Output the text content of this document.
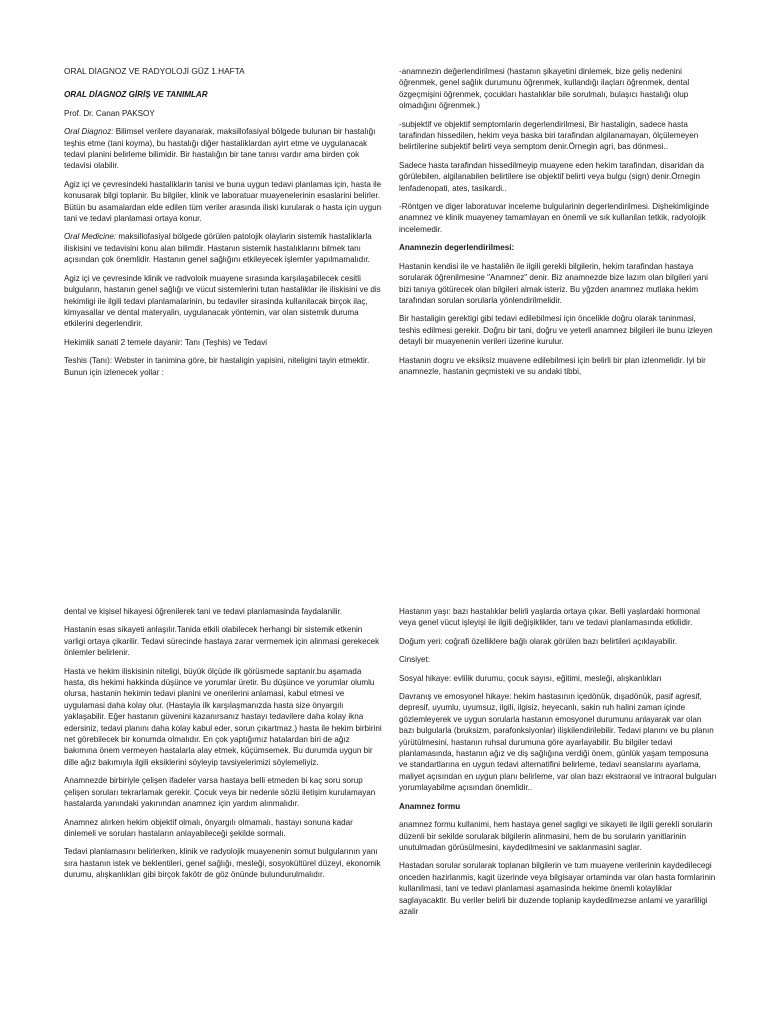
ORAL DİAGNOZ VE RADYOLOJİ GÜZ 1.HAFTA

ORAL DİAGNOZ GİRİŞ VE TANIMLAR

Prof. Dr. Canan PAKSOY

Oral Diagnoz: Bilimsel verilere dayanarak, maksillofasiyal bölgede bulunan bir hastalığı teşhis etme (tani koyma), bu hastalığı diğer hastaliklardan ayirt etme ve uygulanacak tedavi planini belirleme bilimidir. Bir hastalığın bir tane tanısı vardır ama birden çok tedavisi olabilir.

Agiz içi ve çevresindeki hastaliklarin tanisi ve buna uygun tedavi planlamas için, hasta ile konusarak bilgi toplanir. Bu bilgiler, klinik ve laboratuar muayenelerinin esaslarini belirler. Bütün bu asamalardan elde edilen tüm veriler arasında iliski kurularak o hasta için uygun tani ve tedavi planlamasi ortaya konur.

Oral Medicine: maksillofasiyal bölgede görülen patolojik olaylarin sistemik hastaliklarla iliskisini ve tedavisini konu alan bilimdir. Hastanın sistemik hastalıklarını bilmek tanı açısından çok önemlidir. Hastanın genel sağlığını etkileyecek işlemler yapılmamalıdır.

Agiz içi ve çevresinde klinik ve radvoloik muayene sırasında karşılaşabilecek cesitli bulguların, hastanın genel sağlığı ve vücut sistemlerini tutan hastaliklar ile iliskisini ve dis hekimligi ile ilgili tedavi planlamalarinin, bu tedaviler sirasinda kullanilacak birçok ilaç, kimyasallar ve dental materyalin, uygulanacak yöntemin, var olan sistemik duruma etkilerini degerlendirir.

Hekimlik sanati 2 temele dayanir: Tanı (Teşhis) ve Tedavi

Teshis (Tanı): Webster in tanimina göre, bir hastaligin yapisini, niteligini tayin etmektir. Bunun için izlenecek yollar :

-anamnezin değerlendirilmesi (hastanın şikayetini dinlemek, bize geliş nedenini öğrenmek, genel sağlık durumunu öğrenmek, kullandığı ilaçları öğrenmek, dental özgeçmişini öğrenmek, çocukları hastalıklar bile sorulmalı, bulaşıcı hastalığı olup olmadığını öğrenmek.)

-subjektif ve objektif semptomlarin degerlendirilmesi, Bir hastaligin, sadece hasta tarafindan hissedilen, hekim veya baska biri tarafindan algilanamayan, ölçülemeyen belirtilerine subjektif belirti veya semptom denir.Örnegin agri, bas dönmesi..

Sadece hasta tarafindan hissedilmeyip muayene eden hekim tarafindan, disaridan da görülebilen, algilanabilen belirtilere ise objektif belirti veya bulgu (sign) denir.Örnegin lenfadenopati, ates, tasikardi..

-Röntgen ve diger laboratuvar inceleme bulgularinin degerlendirilmesi. Dişhekimliginde anamnez ve klinik muayeney tamamlayan en önemli ve sık kullanilan tetkik, radyolojik incelemedir.

Anamnezin degerlendirilmesi:

Hastanin kendisi ile ve hastaliên ile ilgili gerekli bilgilerin, hekim tarafindan hastaya sorularak öğrenilmesine "Anamnez" denir. Biz anamnezde bize lazım olan bilgileri yani bizi tanıya götürecek olan bilgileri almak isteriz. Bu yğzden anamnez mutlaka hekim tarafından sorulan sorularla yönlendirilmelidir.

Bir hastaligin gerektigi gibi tedavi edilebilmesi için öncelikle doğru olarak taninmasi, teshis edilmesi gerekir. Doğru bir tani, doğru ve yeterli anamnez bilgileri ile bunu izleyen detayli bir muayenenin verileri üzerine kurulur.

Hastanin dogru ve eksiksiz muavene edilebilmesi için belirli bir plan izlenmelidir. Iyi bir anamnezle, hastanin geçmisteki ve su andaki tibbi,

dental ve kişisel hikayesi öğrenilerek tani ve tedavi planlamasinda faydalanilir.

Hastanin esas sikayeti anlaşılır.Tanida etkili olabilecek herhangi bir sistemik etkenin varligi ortaya çikarilir. Tedavi sürecinde hastaya zarar vermemek için alinmasi gerekecek önlemler belirlenir.

Hasta ve hekim iliskisinin niteligi, büyük ölçüde ilk görüsmede saptanir.bu aşamada hasta, dis hekimi hakkinda düşünce ve yorumlar üretir. Bu düşünce ve yorumlar olumlu olursa, hastanin hekimin tedavi planini ve onerilerini anlamasi, kabul etmesi ve uygulamasi daha kolay olur. (Hastayla ilk karşılaşmanızda hasta size önyargılı yaklaşabilir. Eğer hastanın güvenini kazanırsanız hastayı tedavilere daha kolay ikna edersiniz, tedavi planını daha kolay kabul eder, sorun çıkartmaz.) hasta ile hekim birbirini net görebilecek bir konumda olmalıdır. En çok yaptığımız hatalardan biri de ağız bakımına önem vermeyen hastalarla alay etmek, küçümsemek. Bu durumda uygun bir dille ağız bakımıyla ilgili eksiklerini söyleyip tavsiyelerimizi söylemeliyiz.

Anamnezde birbiriyle çelişen ifadeler varsa hastaya belli etmeden bi kaç soru sorup çelişen soruları tekrarlamak gerekir. Çocuk veya bir nedenle sözlü iletişim kurulamayan hastalarda yanındaki yakınından anamnez için yardım alınmalıdır.

Anamnez alırken hekim objektif olmalı, önyargılı olmamalı, hastayı sonuna kadar dinlemeli ve soruları hastaların anlayabileceği şekilde sormalı.

Tedavi planlamasını belirlerken, klinik ve radyolojik muayenenin somut bulgularının yanı sıra hastanın istek ve beklentileri, genel sağlığı, mesleği, sosyokültürel düzeyi, ekonomik durumu, alışkanlıkları gibi birçok fakötr de göz önünde bulundurulmalıdır.

Hastanın yaşı: bazı hastalıklar belirli yaşlarda ortaya çıkar. Belli yaşlardaki hormonal veya genel vücut işleyişi ile ilgili değişiklikler, tanı ve tedavi planlamasında etkilidir.

Doğum yeri: coğrafi özelliklere bağlı olarak görülen bazı belirtileri açıklayabilir.

Cinsiyet:

Sosyal hikaye: evlilik durumu, çocuk sayısı, eğitimi, mesleği, alışkanlıkları

Davranış ve emosyonel hikaye: hekim hastasının içedönük, dışadönük, pasif agresif, depresif, uyumlu, uyumsuz, ilgili, ilgisiz, heyecanlı, sakin ruh halini zaman içinde gözlemleyerek ve uygun sorularla hastanın emosyonel durumunu anlayarak var olan bazı bulgularla (bruksizm, parafonksiyonlar) ilişkilendirilebilir. Tedavi planını ve bu planın yürütülmesini, hastanın ruhsal durumuna göre ayarlayabilir. Bu bilgiler tedavi planlamasında, hastanın ağız ve diş sağlığına verdiği önem, günlük yaşam temposuna ve standartlarına en uygun tedavi alternatifini belirleme, tedavi seanslarını ayarlama, maliyet açısından en uygun planı belirleme, var olan bazı ekstraoral ve intraoral bulguları yorumlayabilme açısından önemlidir..

Anamnez formu

anamnez formu kullanimi, hem hastaya genel sagligi ve sikayeti ile ilgili gerekli sorularin düzenli bir sekilde sorularak bilgilerin alinmasini, hem de bu sorularin yanitlarinin unutulmadan görüsülmesini, kaydedilmesini ve saklanmasini saglar.

Hastadan sorular sorularak toplanan bilgilerin ve tum muayene verilerinin kaydedilecegi onceden hazirlanmis, kagit üzerinde veya bilgisayar ortaminda var olan hasta formlarinin kullanilmasi, tani ve tedavi planlamasi aşamasinda hekime önemli kolayliklar saglayacaktir. Bu veriler belirli bir duzende toplanip kaydedilmezse anlami ve yararliligi azalir
